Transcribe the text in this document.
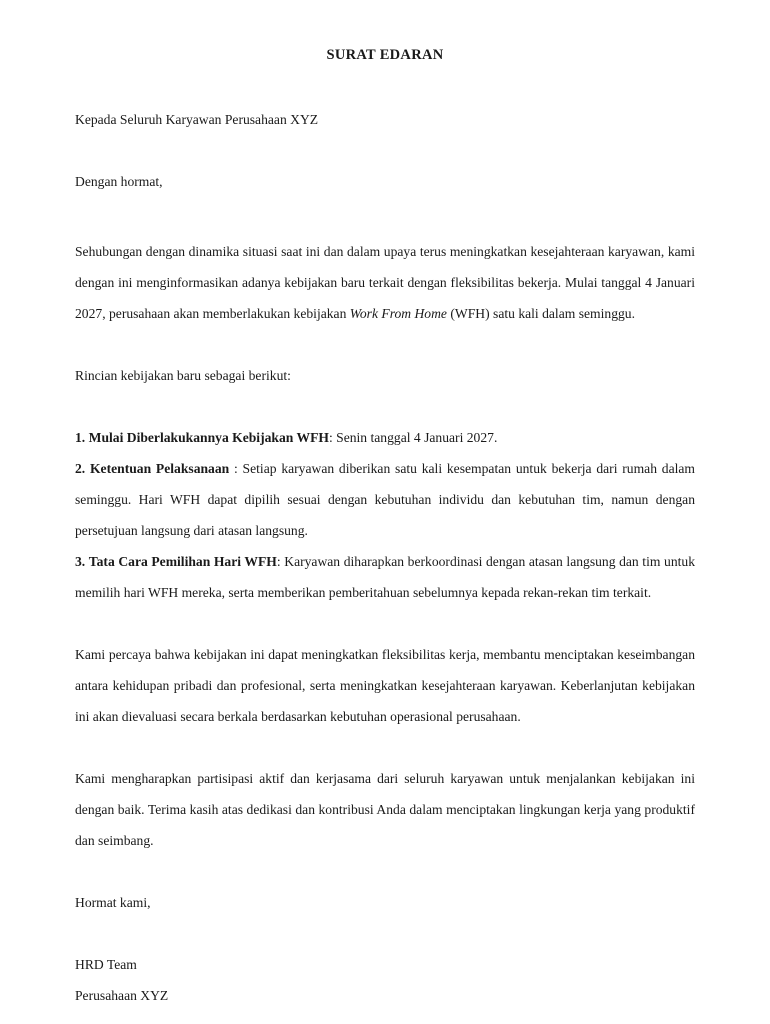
SURAT EDARAN

Kepada Seluruh Karyawan Perusahaan XYZ

Dengan hormat,

Sehubungan dengan dinamika situasi saat ini dan dalam upaya terus meningkatkan kesejahteraan karyawan, kami dengan ini menginformasikan adanya kebijakan baru terkait dengan fleksibilitas bekerja. Mulai tanggal 4 Januari 2027, perusahaan akan memberlakukan kebijakan Work From Home (WFH) satu kali dalam seminggu.

Rincian kebijakan baru sebagai berikut:

1. Mulai Diberlakukannya Kebijakan WFH: Senin tanggal 4 Januari 2027.

2. Ketentuan Pelaksanaan : Setiap karyawan diberikan satu kali kesempatan untuk bekerja dari rumah dalam seminggu. Hari WFH dapat dipilih sesuai dengan kebutuhan individu dan kebutuhan tim, namun dengan persetujuan langsung dari atasan langsung.

3. Tata Cara Pemilihan Hari WFH: Karyawan diharapkan berkoordinasi dengan atasan langsung dan tim untuk memilih hari WFH mereka, serta memberikan pemberitahuan sebelumnya kepada rekan-rekan tim terkait.

Kami percaya bahwa kebijakan ini dapat meningkatkan fleksibilitas kerja, membantu menciptakan keseimbangan antara kehidupan pribadi dan profesional, serta meningkatkan kesejahteraan karyawan. Keberlanjutan kebijakan ini akan dievaluasi secara berkala berdasarkan kebutuhan operasional perusahaan.

Kami mengharapkan partisipasi aktif dan kerjasama dari seluruh karyawan untuk menjalankan kebijakan ini dengan baik. Terima kasih atas dedikasi dan kontribusi Anda dalam menciptakan lingkungan kerja yang produktif dan seimbang.

Hormat kami,

HRD Team

Perusahaan XYZ
